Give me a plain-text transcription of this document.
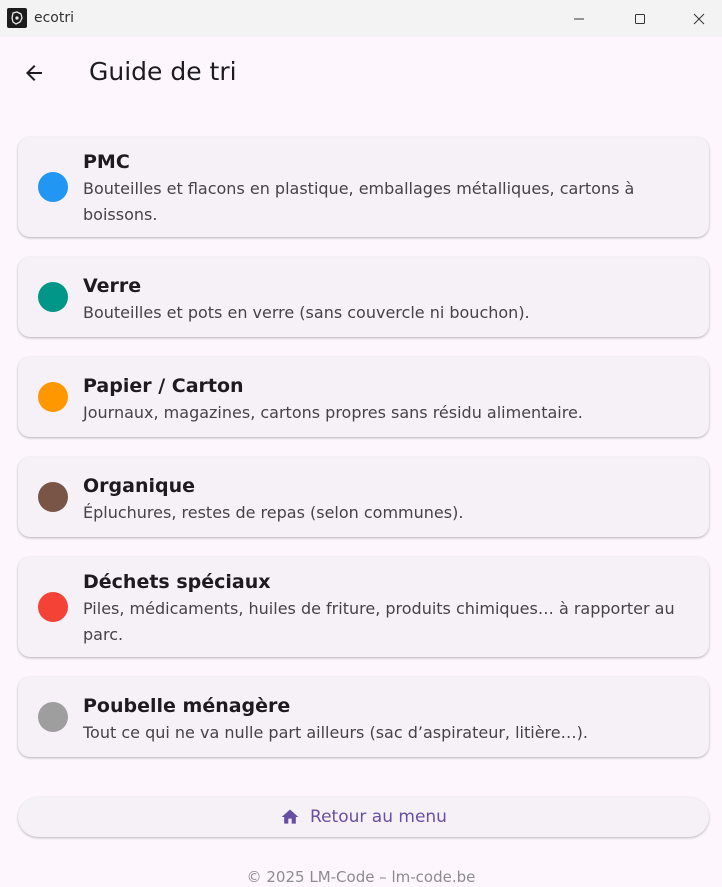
ecotri
Guide de tri
PMC
Bouteilles et flacons en plastique, emballages métalliques, cartons à boissons.
Verre
Bouteilles et pots en verre (sans couvercle ni bouchon).
Papier / Carton
Journaux, magazines, cartons propres sans résidu alimentaire.
Organique
Épluchures, restes de repas (selon communes).
Déchets spéciaux
Piles, médicaments, huiles de friture, produits chimiques… à rapporter au parc.
Poubelle ménagère
Tout ce qui ne va nulle part ailleurs (sac d’aspirateur, litière…).
Retour au menu
© 2025 LM-Code – lm-code.be
